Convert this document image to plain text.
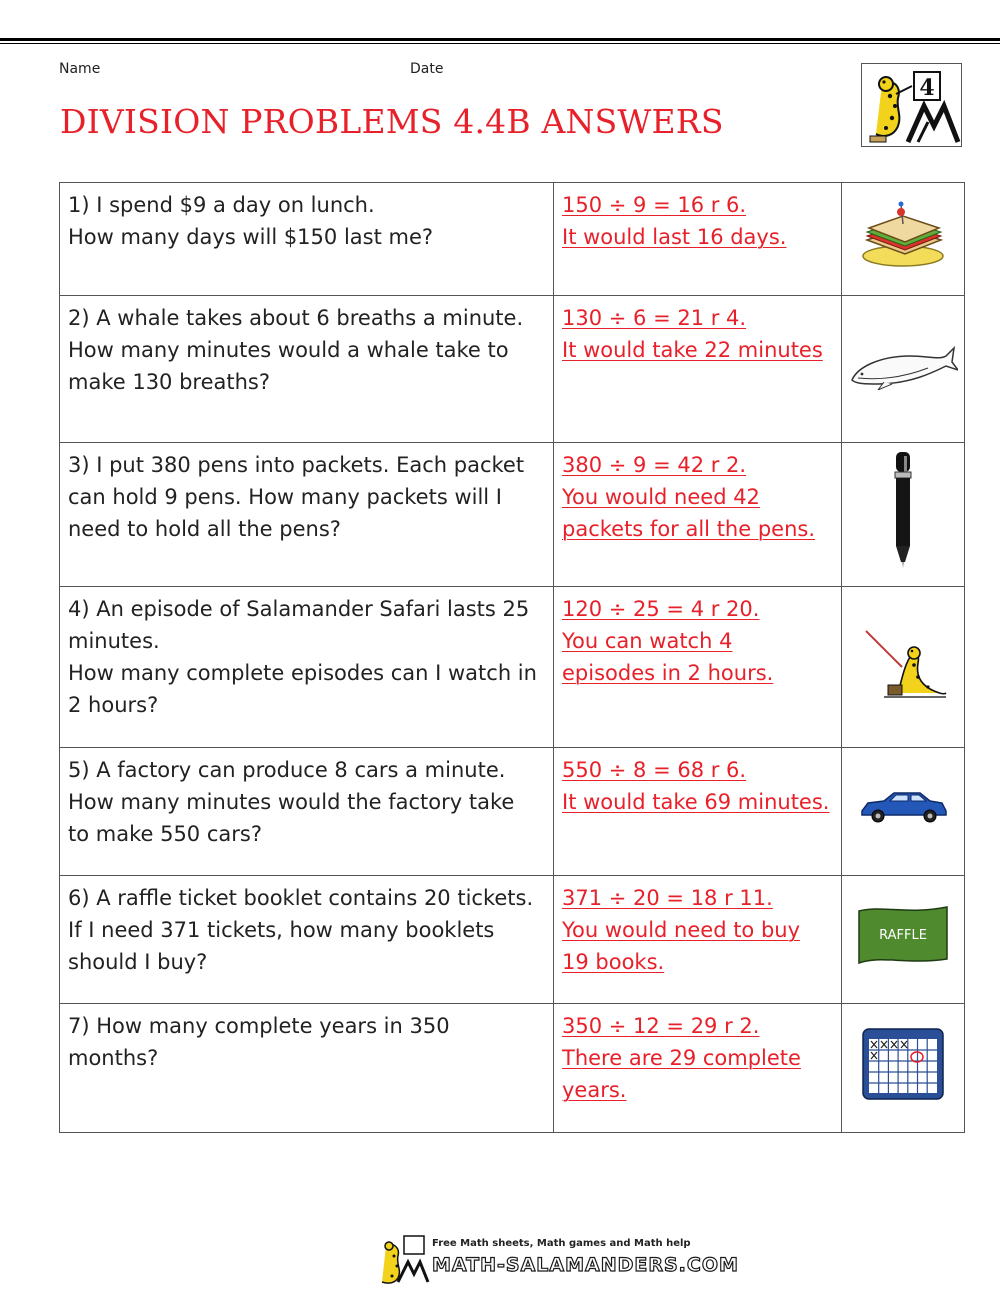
Name	Date
DIVISION PROBLEMS 4.4B ANSWERS
4
1) I spend $9 a day on lunch.
How many days will $150 last me?	150 ÷ 9 = 16 r 6.
It would last 16 days.

2) A whale takes about 6 breaths a minute.
How many minutes would a whale take to
make 130 breaths?	130 ÷ 6 = 21 r 4.
It would take 22 minutes

3) I put 380 pens into packets. Each packet
can hold 9 pens. How many packets will I
need to hold all the pens?	380 ÷ 9 = 42 r 2.
You would need 42
packets for all the pens.

4) An episode of Salamander Safari lasts 25
minutes.
How many complete episodes can I watch in
2 hours?	120 ÷ 25 = 4 r 20.
You can watch 4
episodes in 2 hours.

5) A factory can produce 8 cars a minute.
How many minutes would the factory take
to make 550 cars?	550 ÷ 8 = 68 r 6.
It would take 69 minutes.

6) A raffle ticket booklet contains 20 tickets.
If I need 371 tickets, how many booklets
should I buy?	371 ÷ 20 = 18 r 11.
You would need to buy
19 books.	RAFFLE

7) How many complete years in 350
months?	350 ÷ 12 = 29 r 2.
There are 29 complete
years.

Free Math sheets, Math games and Math help
MATH-SALAMANDERS.COM
